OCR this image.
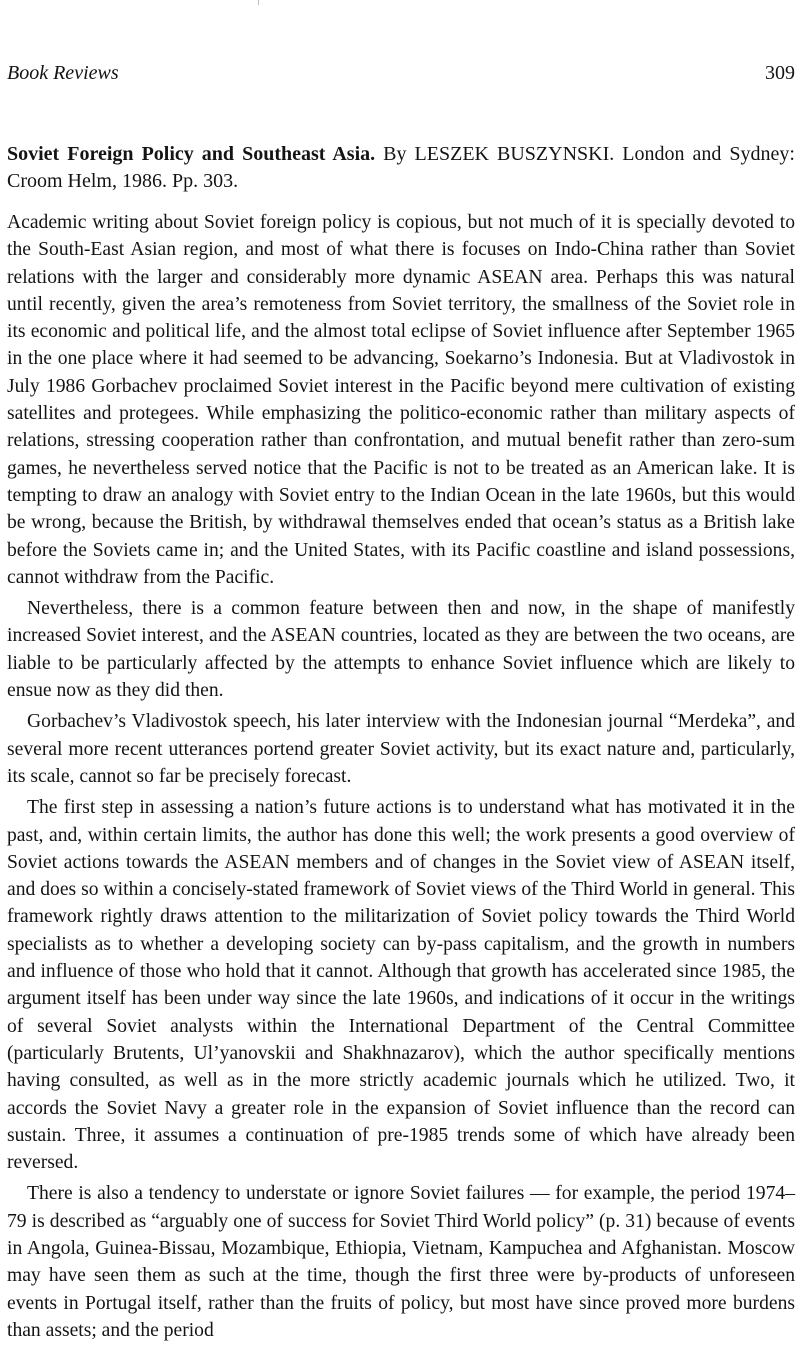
Book Reviews	309
Soviet Foreign Policy and Southeast Asia. By LESZEK BUSZYNSKI. London and Sydney: Croom Helm, 1986. Pp. 303.

Academic writing about Soviet foreign policy is copious, but not much of it is specially devoted to the South-East Asian region, and most of what there is focuses on Indo-China rather than Soviet relations with the larger and considerably more dynamic ASEAN area. Perhaps this was natural until recently, given the area’s remoteness from Soviet territory, the smallness of the Soviet role in its economic and political life, and the almost total eclipse of Soviet influence after September 1965 in the one place where it had seemed to be advancing, Soekarno’s Indonesia. But at Vladivostok in July 1986 Gorbachev proclaimed Soviet interest in the Pacific beyond mere cultivation of existing satellites and protegees. While emphasizing the politico-economic rather than military aspects of relations, stressing cooperation rather than confrontation, and mutual benefit rather than zero-sum games, he nevertheless served notice that the Pacific is not to be treated as an American lake. It is tempting to draw an analogy with Soviet entry to the Indian Ocean in the late 1960s, but this would be wrong, because the British, by withdrawal themselves ended that ocean’s status as a British lake before the Soviets came in; and the United States, with its Pacific coastline and island possessions, cannot withdraw from the Pacific.

Nevertheless, there is a common feature between then and now, in the shape of manifestly increased Soviet interest, and the ASEAN countries, located as they are between the two oceans, are liable to be particularly affected by the attempts to enhance Soviet influence which are likely to ensue now as they did then.

Gorbachev’s Vladivostok speech, his later interview with the Indonesian journal “Merdeka”, and several more recent utterances portend greater Soviet activity, but its exact nature and, particularly, its scale, cannot so far be precisely forecast.

The first step in assessing a nation’s future actions is to understand what has motivated it in the past, and, within certain limits, the author has done this well; the work presents a good overview of Soviet actions towards the ASEAN members and of changes in the Soviet view of ASEAN itself, and does so within a concisely-stated framework of Soviet views of the Third World in general. This framework rightly draws attention to the militarization of Soviet policy towards the Third World specialists as to whether a developing society can by-pass capitalism, and the growth in numbers and influence of those who hold that it cannot. Although that growth has accelerated since 1985, the argument itself has been under way since the late 1960s, and indications of it occur in the writings of several Soviet analysts within the International Department of the Central Committee (particularly Brutents, Ul’yanovskii and Shakhnazarov), which the author specifically mentions having consulted, as well as in the more strictly academic journals which he utilized. Two, it accords the Soviet Navy a greater role in the expansion of Soviet influence than the record can sustain. Three, it assumes a continuation of pre-1985 trends some of which have already been reversed.

There is also a tendency to understate or ignore Soviet failures — for example, the period 1974–79 is described as “arguably one of success for Soviet Third World policy” (p. 31) because of events in Angola, Guinea-Bissau, Mozambique, Ethiopia, Vietnam, Kampuchea and Afghanistan. Moscow may have seen them as such at the time, though the first three were by-products of unforeseen events in Portugal itself, rather than the fruits of policy, but most have since proved more burdens than assets; and the period
